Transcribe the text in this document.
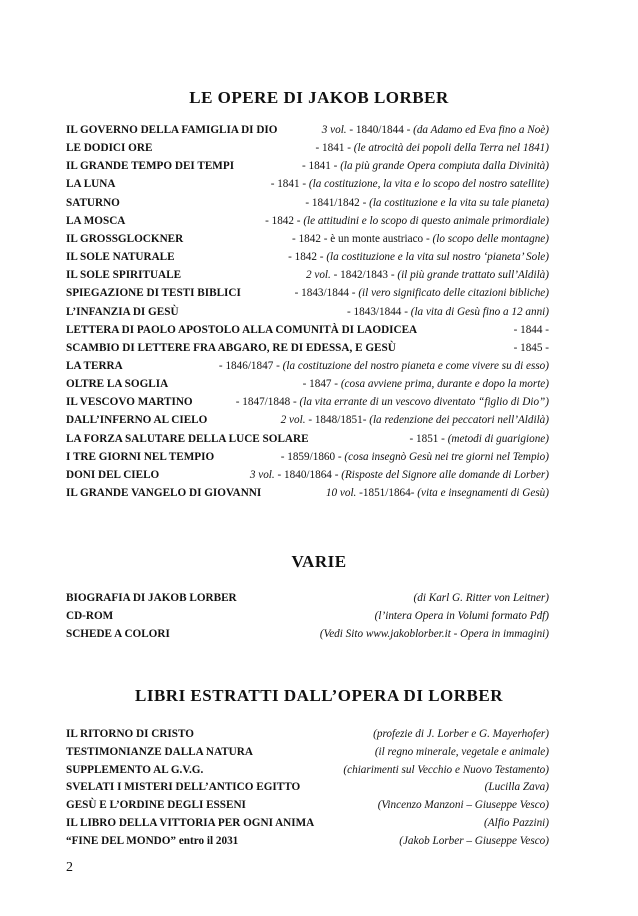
LE OPERE DI JAKOB LORBER
IL GOVERNO DELLA FAMIGLIA DI DIO	3 vol. - 1840/1844 - (da Adamo ed Eva fino a Noè)
LE DODICI ORE	- 1841 - (le atrocità dei popoli della Terra nel 1841)
IL GRANDE TEMPO DEI TEMPI	- 1841 - (la più grande Opera compiuta dalla Divinità)
LA LUNA	- 1841 - (la costituzione, la vita e lo scopo del nostro satellite)
SATURNO	- 1841/1842 - (la costituzione e la vita su tale pianeta)
LA MOSCA	- 1842 - (le attitudini e lo scopo di questo animale primordiale)
IL GROSSGLOCKNER	- 1842 - è un monte austriaco - (lo scopo delle montagne)
IL SOLE NATURALE	- 1842 - (la costituzione e la vita sul nostro ‘pianeta’ Sole)
IL SOLE SPIRITUALE	2 vol. - 1842/1843 - (il più grande trattato sull’Aldilà)
SPIEGAZIONE DI TESTI BIBLICI	- 1843/1844 - (il vero significato delle citazioni bibliche)
L’INFANZIA DI GESÙ	- 1843/1844 - (la vita di Gesù fino a 12 anni)
LETTERA DI PAOLO APOSTOLO ALLA COMUNITÀ DI LAODICEA	- 1844 -
SCAMBIO DI LETTERE FRA ABGARO, RE DI EDESSA, E GESÙ	- 1845 -
LA TERRA	- 1846/1847 - (la costituzione del nostro pianeta e come vivere su di esso)
OLTRE LA SOGLIA	- 1847 - (cosa avviene prima, durante e dopo la morte)
IL VESCOVO MARTINO	- 1847/1848 - (la vita errante di un vescovo diventato “figlio di Dio”)
DALL’INFERNO AL CIELO	2 vol. - 1848/1851- (la redenzione dei peccatori nell’Aldilà)
LA FORZA SALUTARE DELLA LUCE SOLARE	- 1851 - (metodi di guarigione)
I TRE GIORNI NEL TEMPIO	- 1859/1860 - (cosa insegnò Gesù nei tre giorni nel Tempio)
DONI DEL CIELO	3 vol. - 1840/1864 - (Risposte del Signore alle domande di Lorber)
IL GRANDE VANGELO DI GIOVANNI	10 vol. -1851/1864- (vita e insegnamenti di Gesù)
VARIE
BIOGRAFIA DI JAKOB LORBER	(di Karl G. Ritter von Leitner)
CD-ROM	(l’intera Opera in Volumi formato Pdf)
SCHEDE A COLORI	(Vedi Sito www.jakoblorber.it - Opera in immagini)
LIBRI ESTRATTI DALL’OPERA DI LORBER
IL RITORNO DI CRISTO	(profezie di J. Lorber e G. Mayerhofer)
TESTIMONIANZE DALLA NATURA	(il regno minerale, vegetale e animale)
SUPPLEMENTO AL G.V.G.	(chiarimenti sul Vecchio e Nuovo Testamento)
SVELATI I MISTERI DELL’ANTICO EGITTO	(Lucilla Zava)
GESÙ E L’ORDINE DEGLI ESSENI	(Vincenzo Manzoni – Giuseppe Vesco)
IL LIBRO DELLA VITTORIA PER OGNI ANIMA	(Alfio Pazzini)
“FINE DEL MONDO” entro il 2031	(Jakob Lorber – Giuseppe Vesco)
2
